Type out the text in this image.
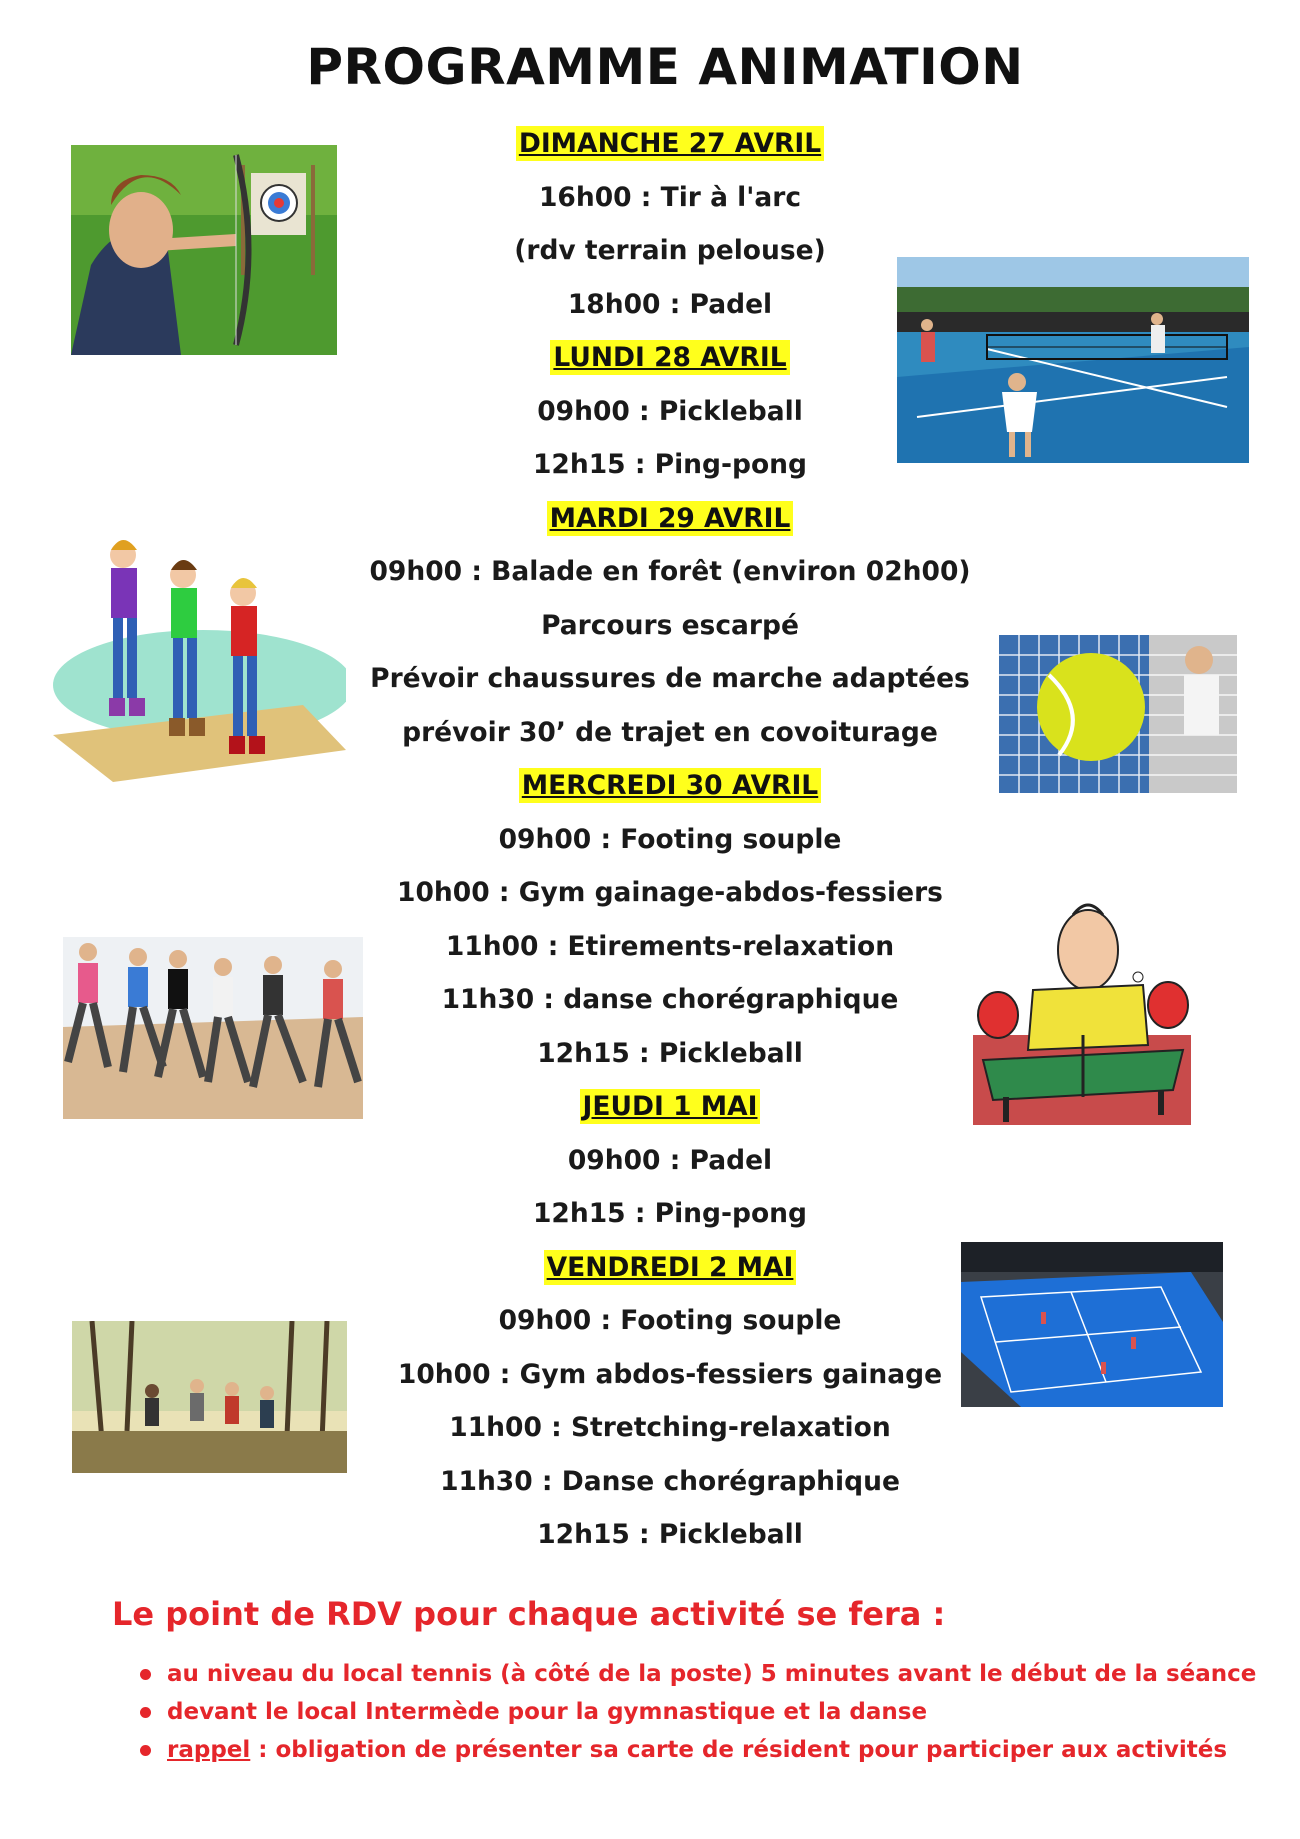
PROGRAMME ANIMATION
DIMANCHE 27 AVRIL
16h00 : Tir à l'arc
(rdv terrain pelouse)
18h00 : Padel
LUNDI 28 AVRIL
09h00 : Pickleball
12h15 : Ping-pong
MARDI 29 AVRIL
09h00 : Balade en forêt (environ 02h00)
Parcours escarpé
Prévoir chaussures de marche adaptées
prévoir 30’ de trajet en covoiturage
MERCREDI 30 AVRIL
09h00 : Footing souple
10h00 : Gym gainage-abdos-fessiers
11h00 : Etirements-relaxation
11h30 : danse chorégraphique
12h15 : Pickleball
JEUDI 1 MAI
09h00 : Padel
12h15 : Ping-pong
VENDREDI 2 MAI
09h00 : Footing souple
10h00 : Gym abdos-fessiers gainage
11h00 : Stretching-relaxation
11h30 : Danse chorégraphique
12h15 : Pickleball
Le point de RDV pour chaque activité se fera :
au niveau du local tennis (à côté de la poste) 5 minutes avant le début de la séance
devant le local Intermède pour la gymnastique et la danse
rappel : obligation de présenter sa carte de résident pour participer aux activités
